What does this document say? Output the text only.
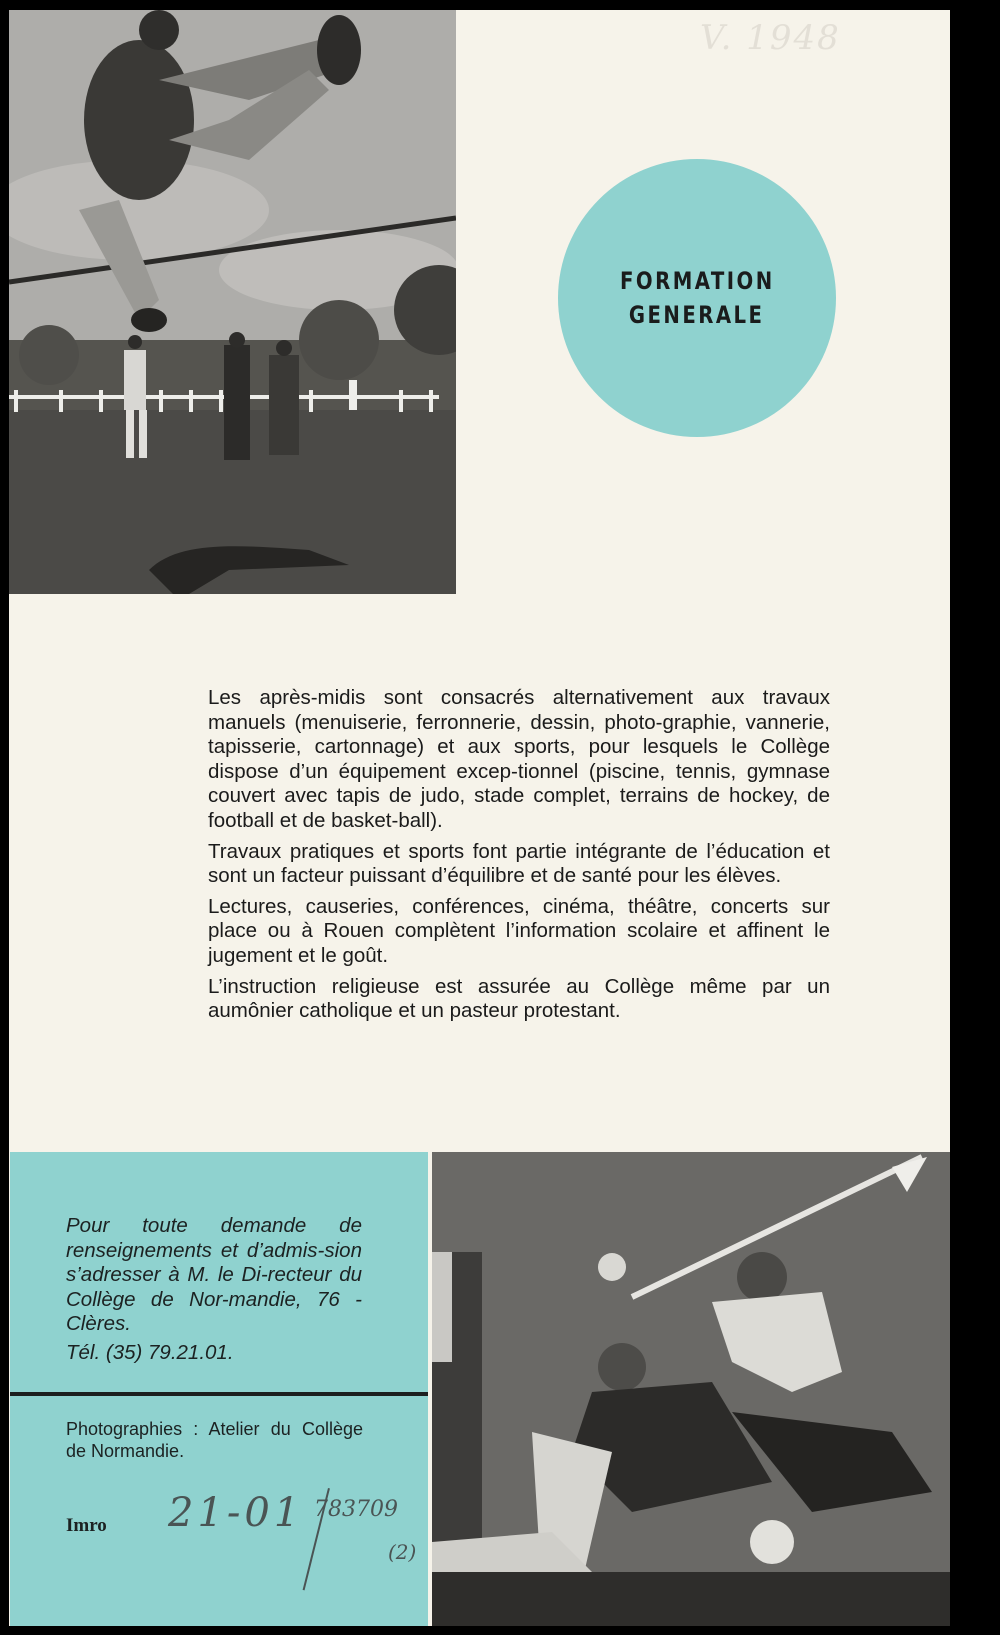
V. 1948
FORMATION
GENERALE

Les après-midis sont consacrés alternativement aux travaux manuels (menuiserie, ferronnerie, dessin, photo-graphie, vannerie, tapisserie, cartonnage) et aux sports, pour lesquels le Collège dispose d’un équipement excep-tionnel (piscine, tennis, gymnase couvert avec tapis de judo, stade complet, terrains de hockey, de football et de basket-ball).

Travaux pratiques et sports font partie intégrante de l’éducation et sont un facteur puissant d’équilibre et de santé pour les élèves.

Lectures, causeries, conférences, cinéma, théâtre, concerts sur place ou à Rouen complètent l’information scolaire et affinent le jugement et le goût.

L’instruction religieuse est assurée au Collège même par un aumônier catholique et un pasteur protestant.

Pour toute demande de renseignements et d’admis-sion s’adresser à M. le Di-recteur du Collège de Nor-mandie, 76 - Clères.

Tél. (35) 79.21.01.

Photographies : Atelier du Collège de Normandie.
Imro 21-01 783709
(2)
